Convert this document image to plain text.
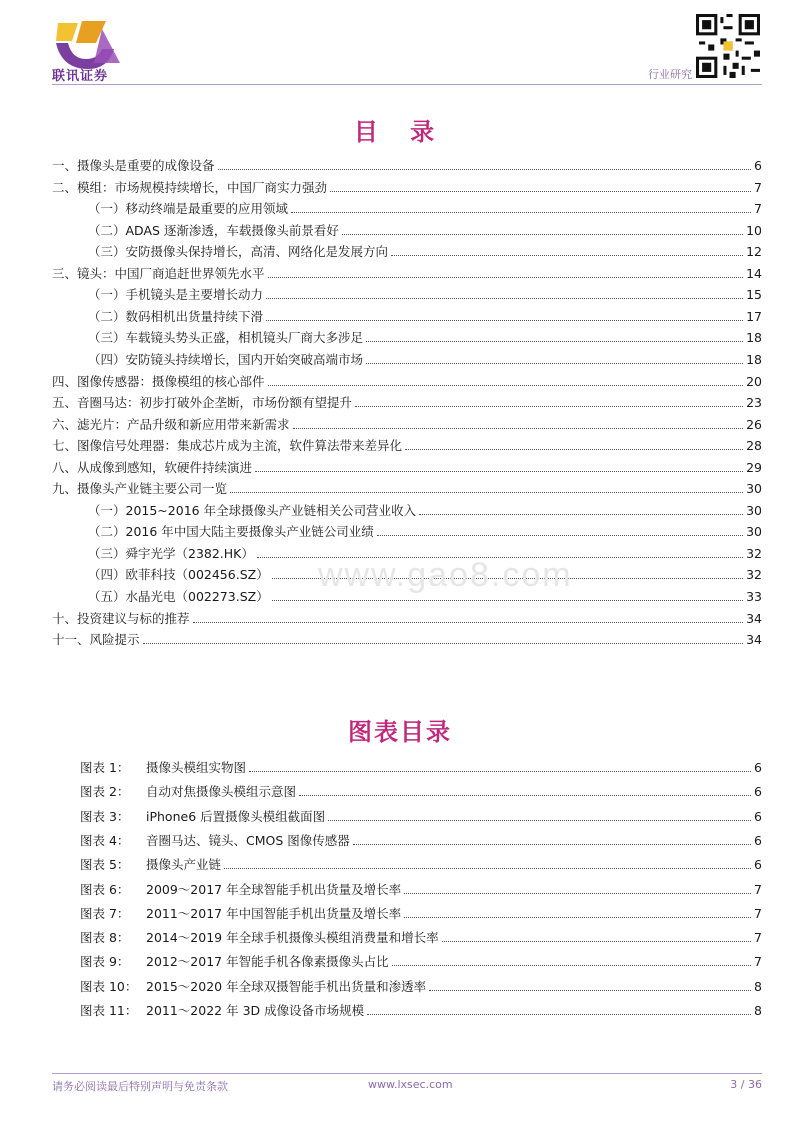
联讯证券	行业研究
目 录
一、摄像头是重要的成像设备	6
二、模组：市场规模持续增长，中国厂商实力强劲	7
（一）移动终端是最重要的应用领域	7
（二）ADAS 逐渐渗透，车载摄像头前景看好	10
（三）安防摄像头保持增长，高清、网络化是发展方向	12
三、镜头：中国厂商追赶世界领先水平	14
（一）手机镜头是主要增长动力	15
（二）数码相机出货量持续下滑	17
（三）车载镜头势头正盛，相机镜头厂商大多涉足	18
（四）安防镜头持续增长，国内开始突破高端市场	18
四、图像传感器：摄像模组的核心部件	20
五、音圈马达：初步打破外企垄断，市场份额有望提升	23
六、滤光片：产品升级和新应用带来新需求	26
七、图像信号处理器：集成芯片成为主流，软件算法带来差异化	28
八、从成像到感知，软硬件持续演进	29
九、摄像头产业链主要公司一览	30
（一）2015~2016 年全球摄像头产业链相关公司营业收入	30
（二）2016 年中国大陆主要摄像头产业链公司业绩	30
（三）舜宇光学（2382.HK）	32
（四）欧菲科技（002456.SZ）	32
（五）水晶光电（002273.SZ）	33
十、投资建议与标的推荐	34
十一、风险提示	34
图表目录
图表 1：	摄像头模组实物图	6
图表 2：	自动对焦摄像头模组示意图	6
图表 3：	iPhone6 后置摄像头模组截面图	6
图表 4：	音圈马达、镜头、CMOS 图像传感器	6
图表 5：	摄像头产业链	6
图表 6：	2009～2017 年全球智能手机出货量及增长率	7
图表 7：	2011～2017 年中国智能手机出货量及增长率	7
图表 8：	2014～2019 年全球手机摄像头模组消费量和增长率	7
图表 9：	2012～2017 年智能手机各像素摄像头占比	7
图表 10： 2015～2020 年全球双摄智能手机出货量和渗透率	8
图表 11： 2011～2022 年 3D 成像设备市场规模	8
www.gao8.com
请务必阅读最后特别声明与免责条款	www.lxsec.com	3 / 36
